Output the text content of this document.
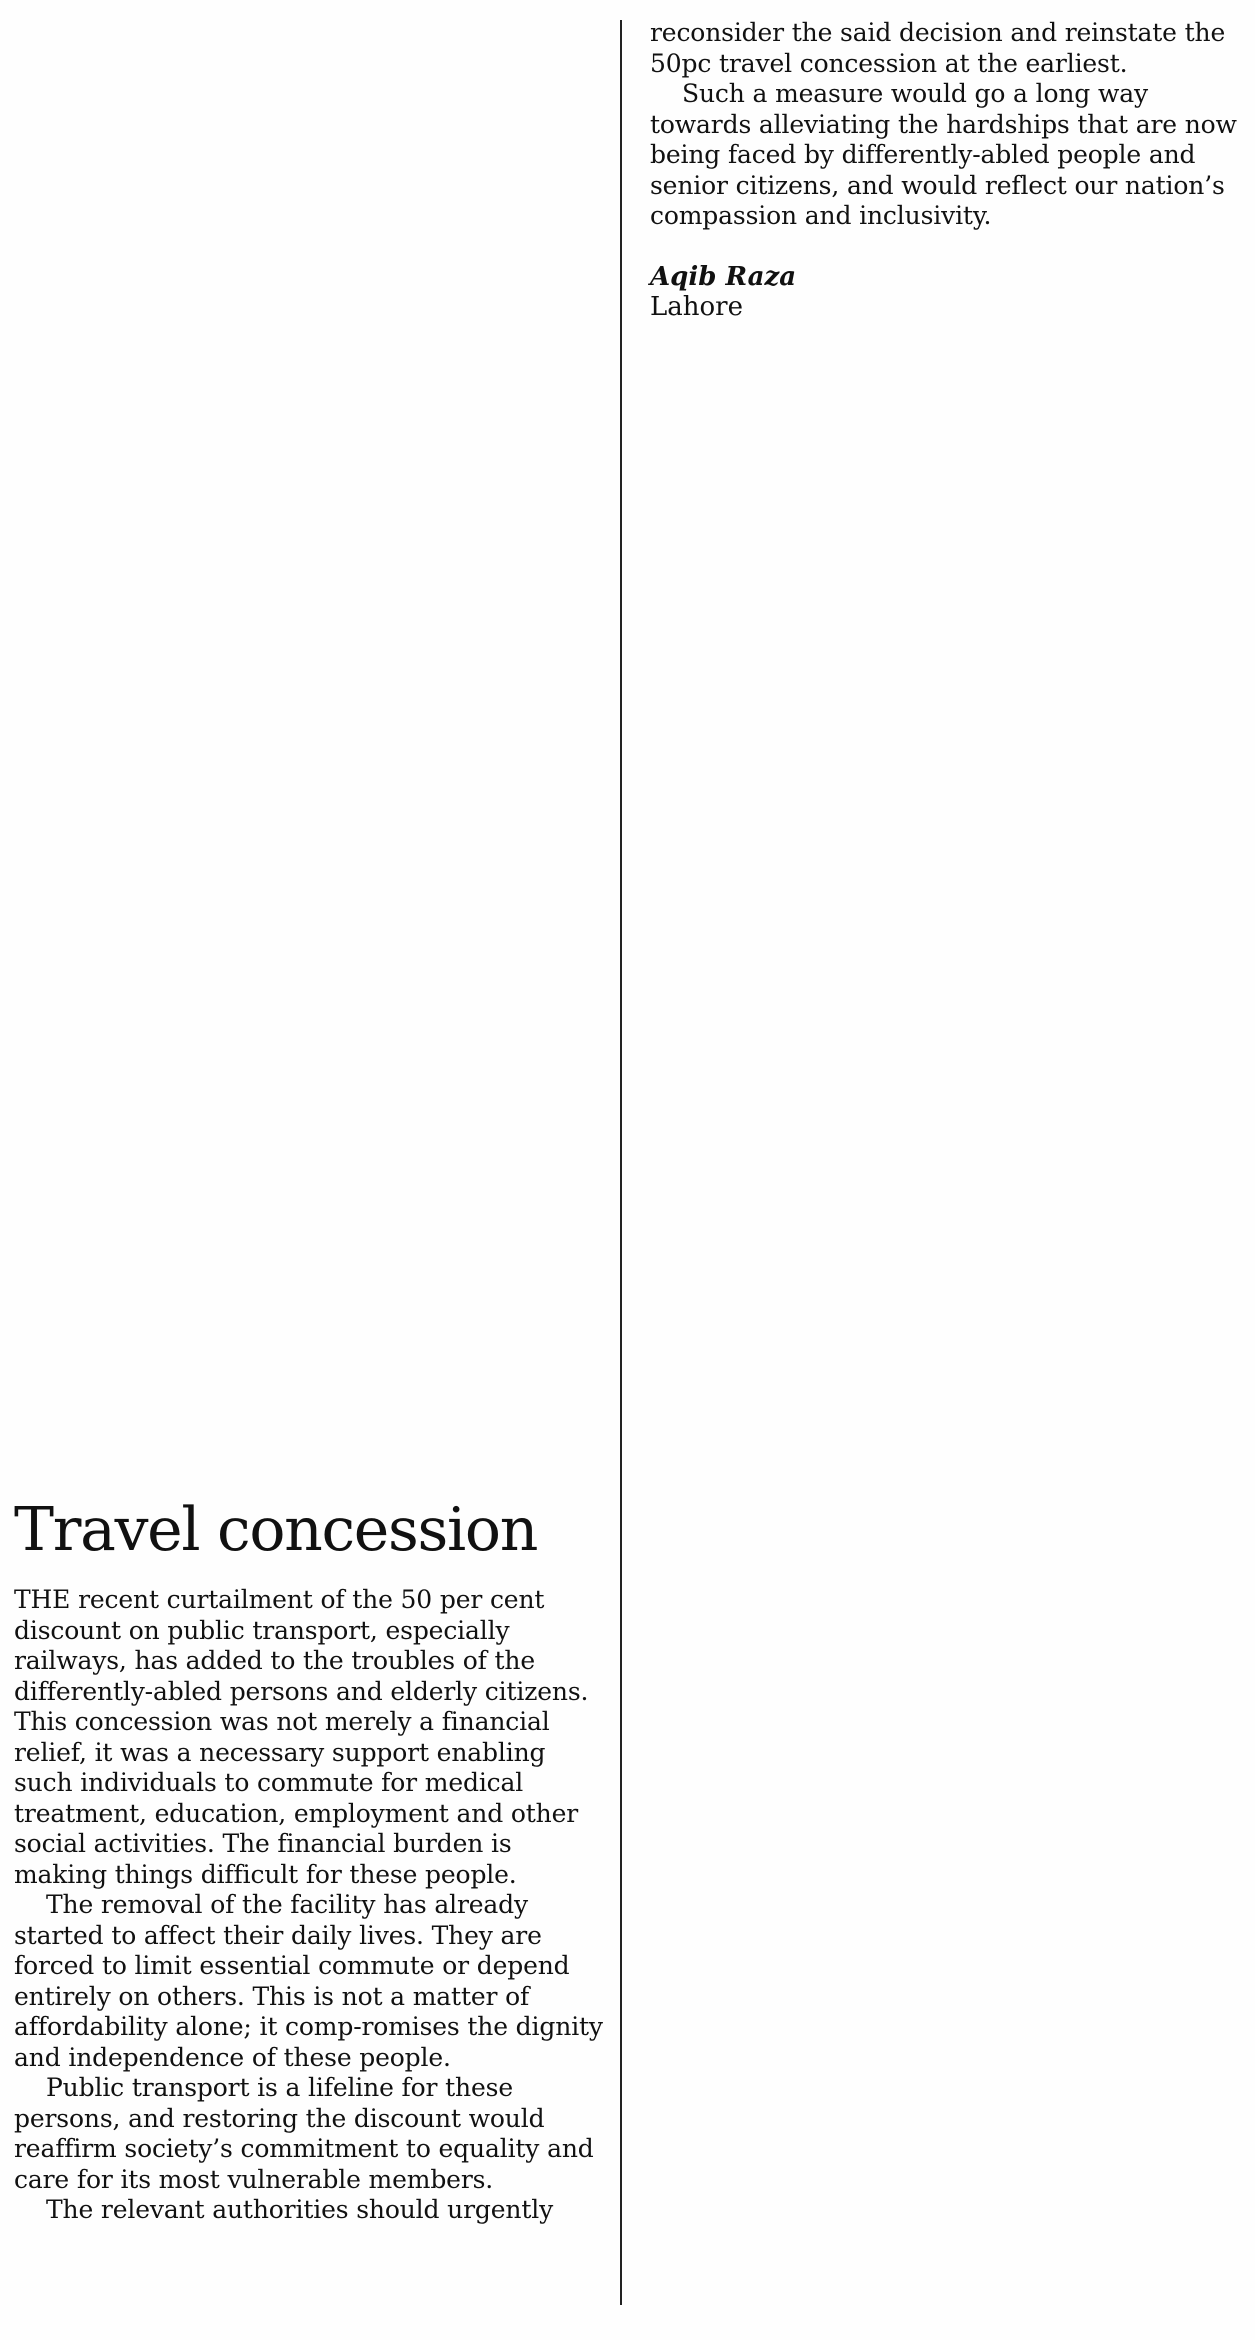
reconsider the said decision and reinstate the 50pc travel concession at the earliest.

Such a measure would go a long way towards alleviating the hardships that are now being faced by differently-abled people and senior citizens, and would reflect our nation’s compassion and inclusivity.

Aqib Raza
Lahore
Travel concession

THE recent curtailment of the 50 per cent discount on public transport, especially railways, has added to the troubles of the differently-abled persons and elderly citizens. This concession was not merely a financial relief, it was a necessary support enabling such individuals to commute for medical treatment, education, employment and other social activities. The financial burden is making things difficult for these people.

The removal of the facility has already started to affect their daily lives. They are forced to limit essential commute or depend entirely on others. This is not a matter of affordability alone; it comp-romises the dignity and independence of these people.

Public transport is a lifeline for these persons, and restoring the discount would reaffirm society’s commitment to equality and care for its most vulnerable members.

The relevant authorities should urgently
